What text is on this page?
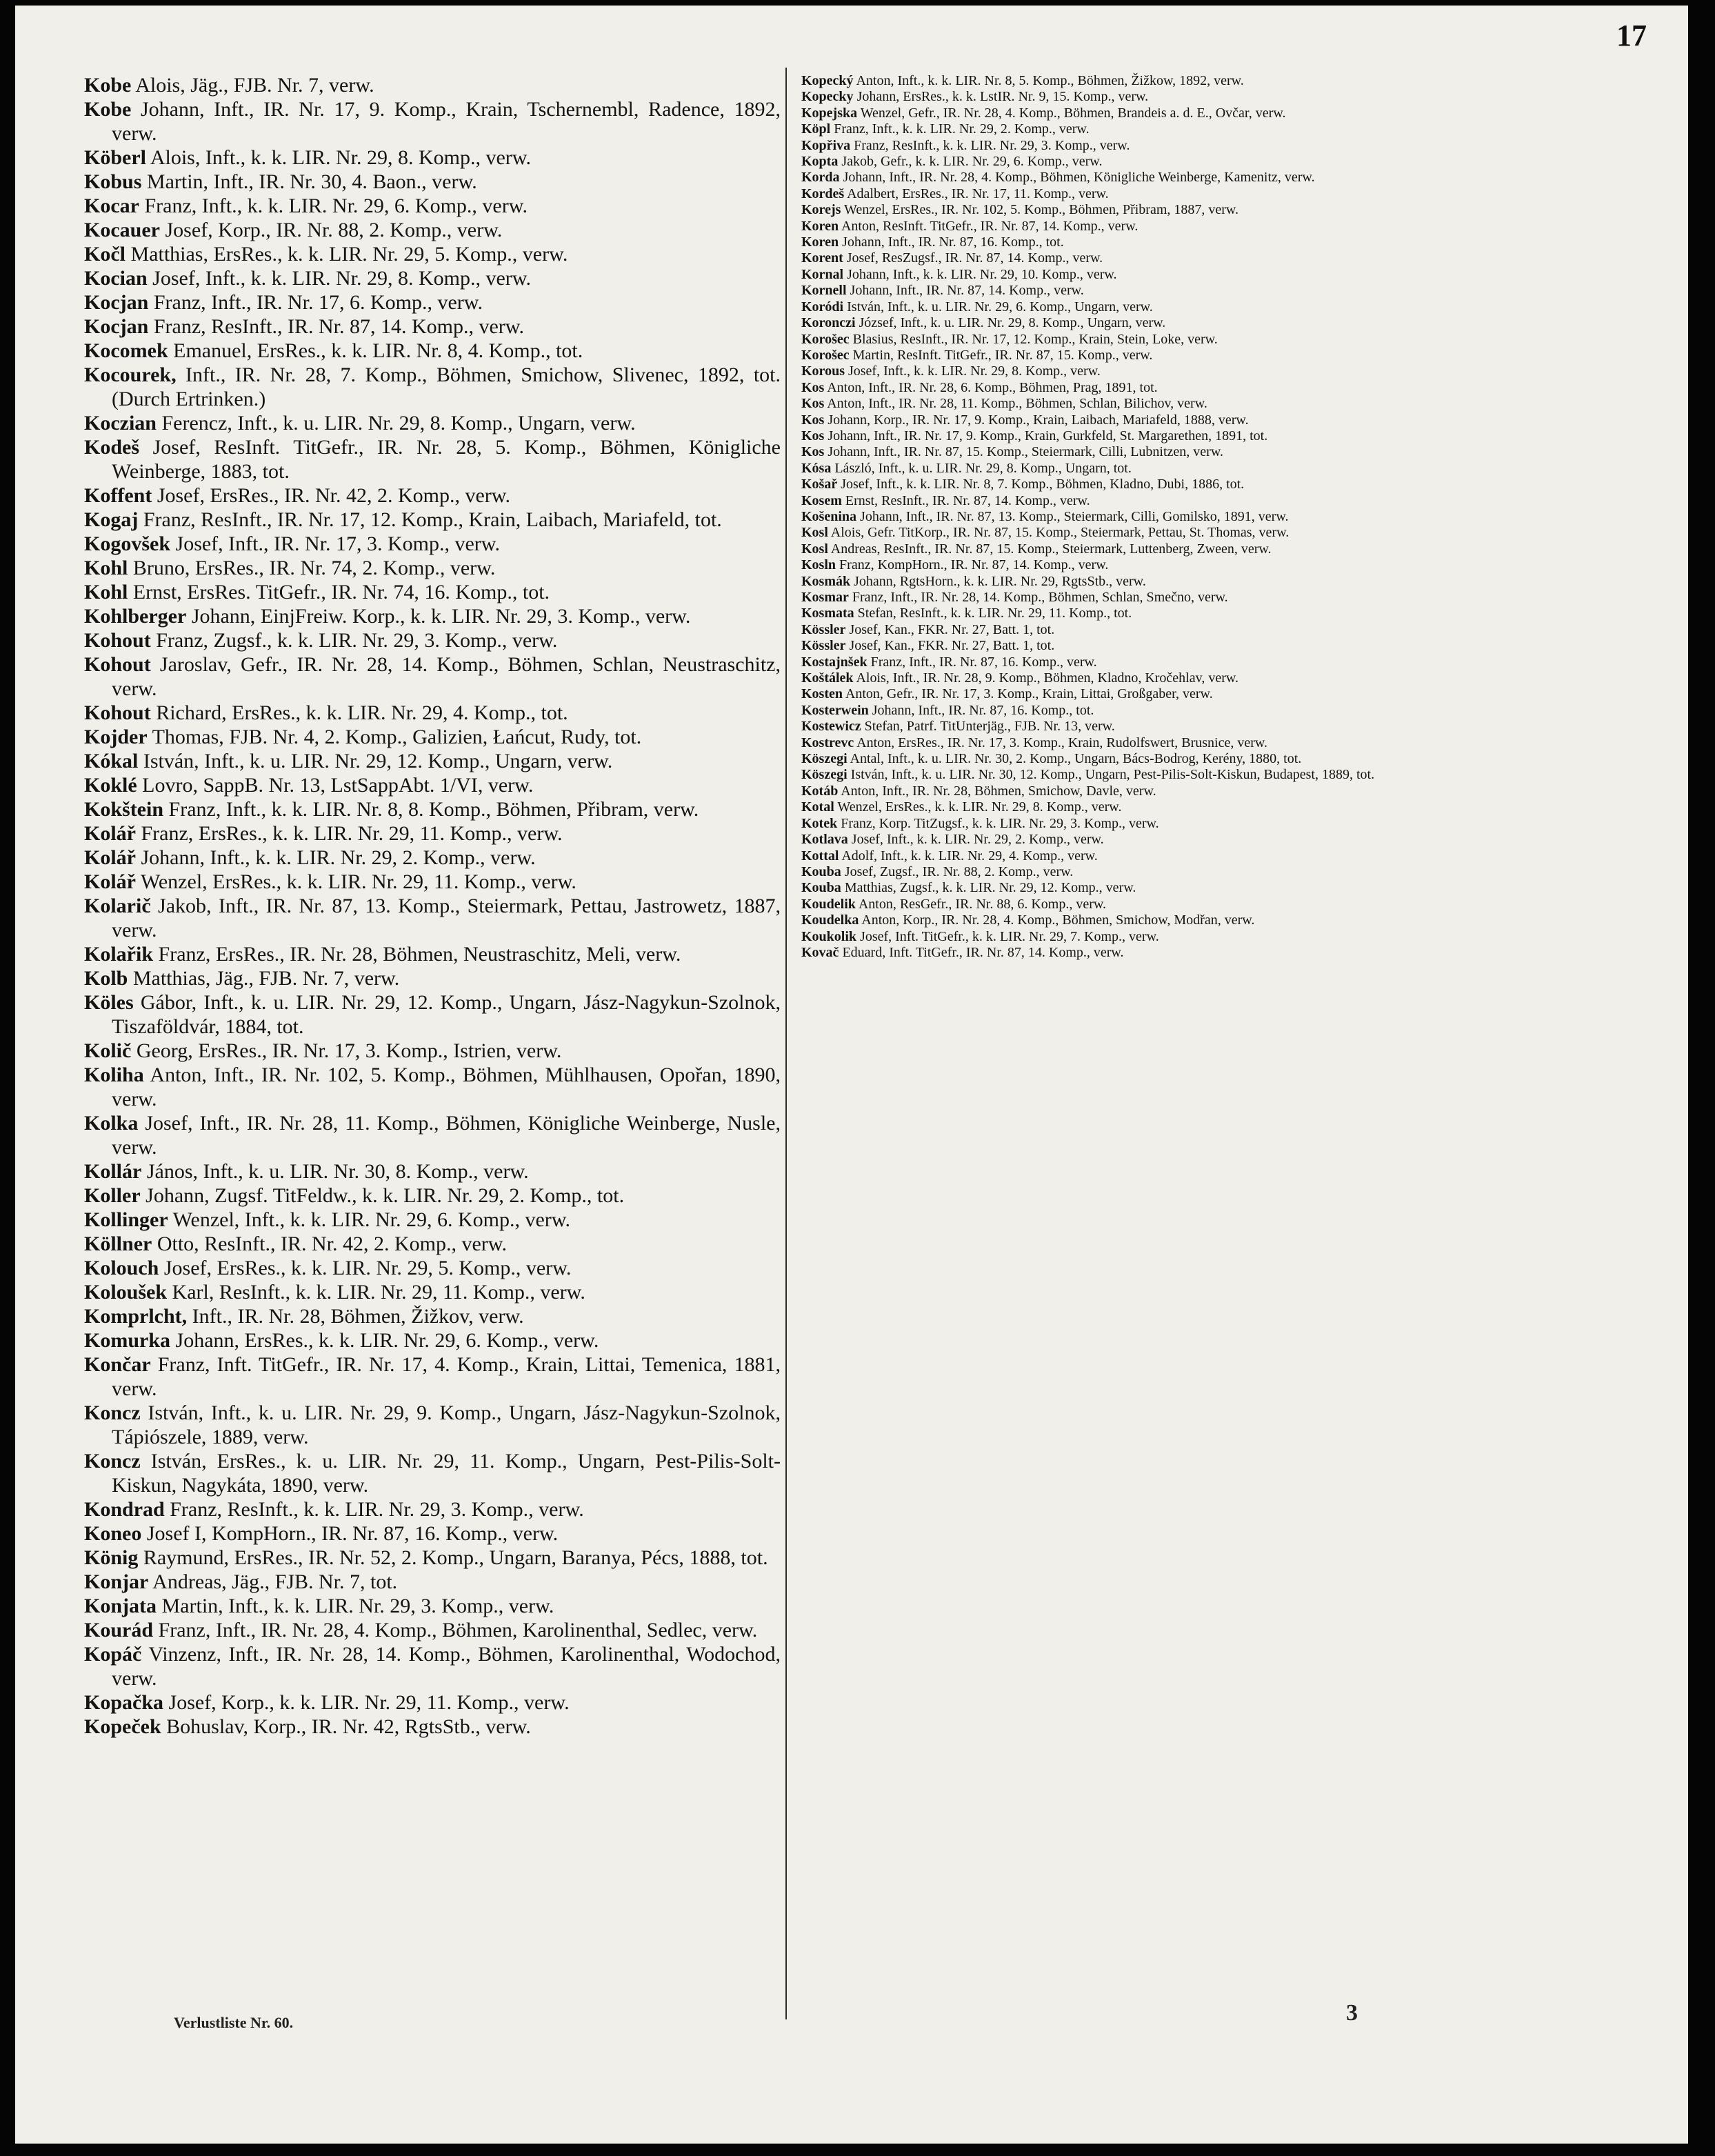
17

Kobe Alois, Jäg., FJB. Nr. 7, verw.

Kobe Johann, Inft., IR. Nr. 17, 9. Komp., Krain, Tschernembl, Radence, 1892, verw.

Köberl Alois, Inft., k. k. LIR. Nr. 29, 8. Komp., verw.

Kobus Martin, Inft., IR. Nr. 30, 4. Baon., verw.

Kocar Franz, Inft., k. k. LIR. Nr. 29, 6. Komp., verw.

Kocauer Josef, Korp., IR. Nr. 88, 2. Komp., verw.

Kočl Matthias, ErsRes., k. k. LIR. Nr. 29, 5. Komp., verw.

Kocian Josef, Inft., k. k. LIR. Nr. 29, 8. Komp., verw.

Kocjan Franz, Inft., IR. Nr. 17, 6. Komp., verw.

Kocjan Franz, ResInft., IR. Nr. 87, 14. Komp., verw.

Kocomek Emanuel, ErsRes., k. k. LIR. Nr. 8, 4. Komp., tot.

Kocourek, Inft., IR. Nr. 28, 7. Komp., Böhmen, Smichow, Slivenec, 1892, tot. (Durch Ertrinken.)

Koczian Ferencz, Inft., k. u. LIR. Nr. 29, 8. Komp., Ungarn, verw.

Kodeš Josef, ResInft. TitGefr., IR. Nr. 28, 5. Komp., Böhmen, Königliche Weinberge, 1883, tot.

Koffent Josef, ErsRes., IR. Nr. 42, 2. Komp., verw.

Kogaj Franz, ResInft., IR. Nr. 17, 12. Komp., Krain, Laibach, Mariafeld, tot.

Kogovšek Josef, Inft., IR. Nr. 17, 3. Komp., verw.

Kohl Bruno, ErsRes., IR. Nr. 74, 2. Komp., verw.

Kohl Ernst, ErsRes. TitGefr., IR. Nr. 74, 16. Komp., tot.

Kohlberger Johann, EinjFreiw. Korp., k. k. LIR. Nr. 29, 3. Komp., verw.

Kohout Franz, Zugsf., k. k. LIR. Nr. 29, 3. Komp., verw.

Kohout Jaroslav, Gefr., IR. Nr. 28, 14. Komp., Böhmen, Schlan, Neustraschitz, verw.

Kohout Richard, ErsRes., k. k. LIR. Nr. 29, 4. Komp., tot.

Kojder Thomas, FJB. Nr. 4, 2. Komp., Galizien, Łańcut, Rudy, tot.

Kókal István, Inft., k. u. LIR. Nr. 29, 12. Komp., Ungarn, verw.

Koklé Lovro, SappB. Nr. 13, LstSappAbt. 1/VI, verw.

Kokštein Franz, Inft., k. k. LIR. Nr. 8, 8. Komp., Böhmen, Přibram, verw.

Kolář Franz, ErsRes., k. k. LIR. Nr. 29, 11. Komp., verw.

Kolář Johann, Inft., k. k. LIR. Nr. 29, 2. Komp., verw.

Kolář Wenzel, ErsRes., k. k. LIR. Nr. 29, 11. Komp., verw.

Kolarič Jakob, Inft., IR. Nr. 87, 13. Komp., Steiermark, Pettau, Jastrowetz, 1887, verw.

Kolařik Franz, ErsRes., IR. Nr. 28, Böhmen, Neustraschitz, Meli, verw.

Kolb Matthias, Jäg., FJB. Nr. 7, verw.

Köles Gábor, Inft., k. u. LIR. Nr. 29, 12. Komp., Ungarn, Jász-Nagykun-Szolnok, Tiszaföldvár, 1884, tot.

Količ Georg, ErsRes., IR. Nr. 17, 3. Komp., Istrien, verw.

Koliha Anton, Inft., IR. Nr. 102, 5. Komp., Böhmen, Mühlhausen, Opořan, 1890, verw.

Kolka Josef, Inft., IR. Nr. 28, 11. Komp., Böhmen, Königliche Weinberge, Nusle, verw.

Kollár János, Inft., k. u. LIR. Nr. 30, 8. Komp., verw.

Koller Johann, Zugsf. TitFeldw., k. k. LIR. Nr. 29, 2. Komp., tot.

Kollinger Wenzel, Inft., k. k. LIR. Nr. 29, 6. Komp., verw.

Köllner Otto, ResInft., IR. Nr. 42, 2. Komp., verw.

Kolouch Josef, ErsRes., k. k. LIR. Nr. 29, 5. Komp., verw.

Koloušek Karl, ResInft., k. k. LIR. Nr. 29, 11. Komp., verw.

Komprlcht, Inft., IR. Nr. 28, Böhmen, Žižkov, verw.

Komurka Johann, ErsRes., k. k. LIR. Nr. 29, 6. Komp., verw.

Končar Franz, Inft. TitGefr., IR. Nr. 17, 4. Komp., Krain, Littai, Temenica, 1881, verw.

Koncz István, Inft., k. u. LIR. Nr. 29, 9. Komp., Ungarn, Jász-Nagykun-Szolnok, Tápiószele, 1889, verw.

Koncz István, ErsRes., k. u. LIR. Nr. 29, 11. Komp., Ungarn, Pest-Pilis-Solt-Kiskun, Nagykáta, 1890, verw.

Kondrad Franz, ResInft., k. k. LIR. Nr. 29, 3. Komp., verw.

Koneo Josef I, KompHorn., IR. Nr. 87, 16. Komp., verw.

König Raymund, ErsRes., IR. Nr. 52, 2. Komp., Ungarn, Baranya, Pécs, 1888, tot.

Konjar Andreas, Jäg., FJB. Nr. 7, tot.

Konjata Martin, Inft., k. k. LIR. Nr. 29, 3. Komp., verw.

Kourád Franz, Inft., IR. Nr. 28, 4. Komp., Böhmen, Karolinenthal, Sedlec, verw.

Kopáč Vinzenz, Inft., IR. Nr. 28, 14. Komp., Böhmen, Karolinenthal, Wodochod, verw.

Kopačka Josef, Korp., k. k. LIR. Nr. 29, 11. Komp., verw.

Kopeček Bohuslav, Korp., IR. Nr. 42, RgtsStb., verw.

Kopecký Anton, Inft., k. k. LIR. Nr. 8, 5. Komp., Böhmen, Žižkow, 1892, verw.

Kopecky Johann, ErsRes., k. k. LstIR. Nr. 9, 15. Komp., verw.

Kopejska Wenzel, Gefr., IR. Nr. 28, 4. Komp., Böhmen, Brandeis a. d. E., Ovčar, verw.

Köpl Franz, Inft., k. k. LIR. Nr. 29, 2. Komp., verw.

Kopřiva Franz, ResInft., k. k. LIR. Nr. 29, 3. Komp., verw.

Kopta Jakob, Gefr., k. k. LIR. Nr. 29, 6. Komp., verw.

Korda Johann, Inft., IR. Nr. 28, 4. Komp., Böhmen, Königliche Weinberge, Kamenitz, verw.

Kordeš Adalbert, ErsRes., IR. Nr. 17, 11. Komp., verw.

Korejs Wenzel, ErsRes., IR. Nr. 102, 5. Komp., Böhmen, Přibram, 1887, verw.

Koren Anton, ResInft. TitGefr., IR. Nr. 87, 14. Komp., verw.

Koren Johann, Inft., IR. Nr. 87, 16. Komp., tot.

Korent Josef, ResZugsf., IR. Nr. 87, 14. Komp., verw.

Kornal Johann, Inft., k. k. LIR. Nr. 29, 10. Komp., verw.

Kornell Johann, Inft., IR. Nr. 87, 14. Komp., verw.

Koródi István, Inft., k. u. LIR. Nr. 29, 6. Komp., Ungarn, verw.

Koronczi József, Inft., k. u. LIR. Nr. 29, 8. Komp., Ungarn, verw.

Korošec Blasius, ResInft., IR. Nr. 17, 12. Komp., Krain, Stein, Loke, verw.

Korošec Martin, ResInft. TitGefr., IR. Nr. 87, 15. Komp., verw.

Korous Josef, Inft., k. k. LIR. Nr. 29, 8. Komp., verw.

Kos Anton, Inft., IR. Nr. 28, 6. Komp., Böhmen, Prag, 1891, tot.

Kos Anton, Inft., IR. Nr. 28, 11. Komp., Böhmen, Schlan, Bilichov, verw.

Kos Johann, Korp., IR. Nr. 17, 9. Komp., Krain, Laibach, Mariafeld, 1888, verw.

Kos Johann, Inft., IR. Nr. 17, 9. Komp., Krain, Gurkfeld, St. Margarethen, 1891, tot.

Kos Johann, Inft., IR. Nr. 87, 15. Komp., Steiermark, Cilli, Lubnitzen, verw.

Kósa László, Inft., k. u. LIR. Nr. 29, 8. Komp., Ungarn, tot.

Košař Josef, Inft., k. k. LIR. Nr. 8, 7. Komp., Böhmen, Kladno, Dubi, 1886, tot.

Kosem Ernst, ResInft., IR. Nr. 87, 14. Komp., verw.

Košenina Johann, Inft., IR. Nr. 87, 13. Komp., Steiermark, Cilli, Gomilsko, 1891, verw.

Kosl Alois, Gefr. TitKorp., IR. Nr. 87, 15. Komp., Steiermark, Pettau, St. Thomas, verw.

Kosl Andreas, ResInft., IR. Nr. 87, 15. Komp., Steiermark, Luttenberg, Zween, verw.

Kosln Franz, KompHorn., IR. Nr. 87, 14. Komp., verw.

Kosmák Johann, RgtsHorn., k. k. LIR. Nr. 29, RgtsStb., verw.

Kosmar Franz, Inft., IR. Nr. 28, 14. Komp., Böhmen, Schlan, Smečno, verw.

Kosmata Stefan, ResInft., k. k. LIR. Nr. 29, 11. Komp., tot.

Kössler Josef, Kan., FKR. Nr. 27, Batt. 1, tot.

Kössler Josef, Kan., FKR. Nr. 27, Batt. 1, tot.

Kostajnšek Franz, Inft., IR. Nr. 87, 16. Komp., verw.

Koštálek Alois, Inft., IR. Nr. 28, 9. Komp., Böhmen, Kladno, Kročehlav, verw.

Kosten Anton, Gefr., IR. Nr. 17, 3. Komp., Krain, Littai, Großgaber, verw.

Kosterwein Johann, Inft., IR. Nr. 87, 16. Komp., tot.

Kostewicz Stefan, Patrf. TitUnterjäg., FJB. Nr. 13, verw.

Kostrevc Anton, ErsRes., IR. Nr. 17, 3. Komp., Krain, Rudolfswert, Brusnice, verw.

Köszegi Antal, Inft., k. u. LIR. Nr. 30, 2. Komp., Ungarn, Bács-Bodrog, Kerény, 1880, tot.

Köszegi István, Inft., k. u. LIR. Nr. 30, 12. Komp., Ungarn, Pest-Pilis-Solt-Kiskun, Budapest, 1889, tot.

Kotáb Anton, Inft., IR. Nr. 28, Böhmen, Smichow, Davle, verw.

Kotal Wenzel, ErsRes., k. k. LIR. Nr. 29, 8. Komp., verw.

Kotek Franz, Korp. TitZugsf., k. k. LIR. Nr. 29, 3. Komp., verw.

Kotlava Josef, Inft., k. k. LIR. Nr. 29, 2. Komp., verw.

Kottal Adolf, Inft., k. k. LIR. Nr. 29, 4. Komp., verw.

Kouba Josef, Zugsf., IR. Nr. 88, 2. Komp., verw.

Kouba Matthias, Zugsf., k. k. LIR. Nr. 29, 12. Komp., verw.

Koudelik Anton, ResGefr., IR. Nr. 88, 6. Komp., verw.

Koudelka Anton, Korp., IR. Nr. 28, 4. Komp., Böhmen, Smichow, Modřan, verw.

Koukolik Josef, Inft. TitGefr., k. k. LIR. Nr. 29, 7. Komp., verw.

Kovač Eduard, Inft. TitGefr., IR. Nr. 87, 14. Komp., verw.

Verlustliste Nr. 60.	3
